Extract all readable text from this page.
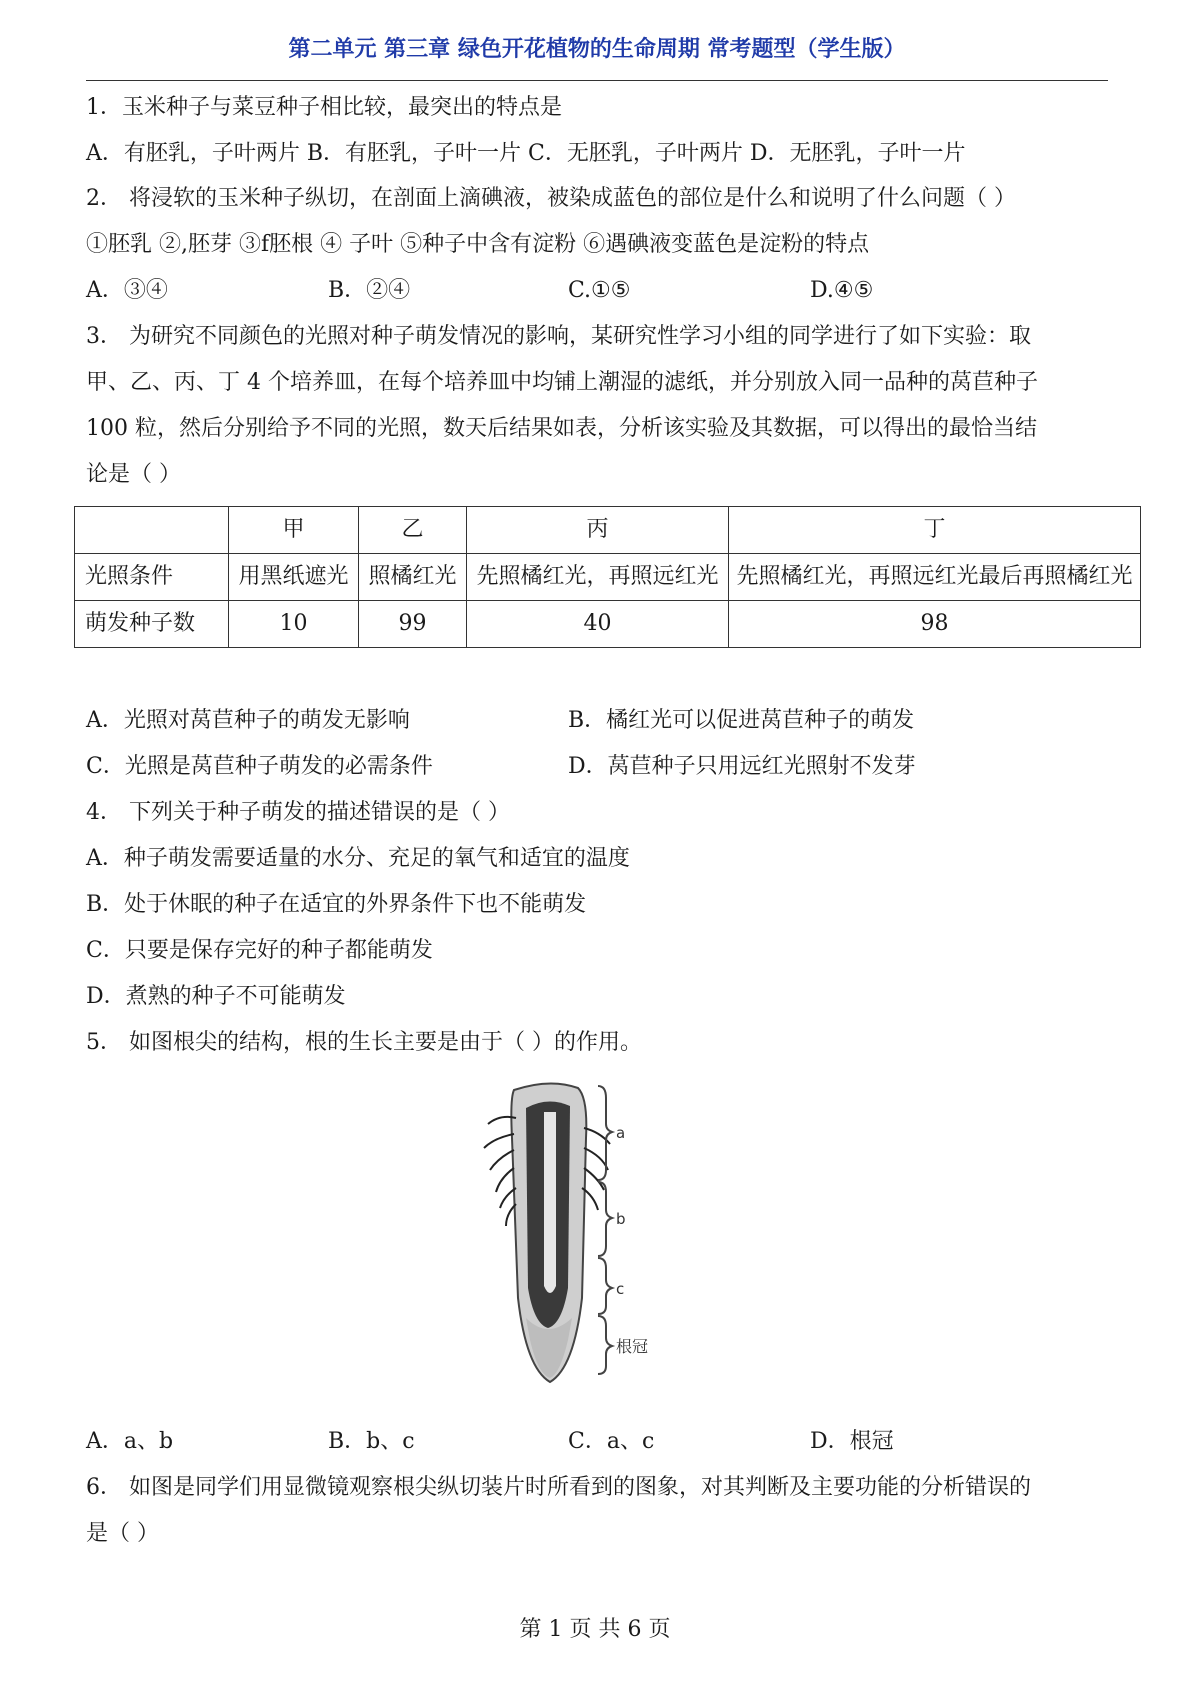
第二单元 第三章 绿色开花植物的生命周期 常考题型（学生版）
1．玉米种子与菜豆种子相比较，最突出的特点是
A．有胚乳，子叶两片 B．有胚乳，子叶一片 C．无胚乳，子叶两片 D．无胚乳，子叶一片
2． 将浸软的玉米种子纵切，在剖面上滴碘液，被染成蓝色的部位是什么和说明了什么问题（ ）
①胚乳 ②,胚芽 ③f胚根 ④ 子叶 ⑤种子中含有淀粉 ⑥遇碘液变蓝色是淀粉的特点
A．③④	B．②④	C.①⑤	D.④⑤
3． 为研究不同颜色的光照对种子萌发情况的影响，某研究性学习小组的同学进行了如下实验：取
甲、乙、丙、丁 4 个培养皿，在每个培养皿中均铺上潮湿的滤纸，并分别放入同一品种的莴苣种子
100 粒，然后分别给予不同的光照，数天后结果如表，分析该实验及其数据，可以得出的最恰当结
论是（ ）
	甲	乙	丙	丁
光照条件	用黑纸遮光	照橘红光	先照橘红光，再照远红光	先照橘红光，再照远红光最后再照橘红光
萌发种子数	10	99	40	98
A．光照对莴苣种子的萌发无影响	B．橘红光可以促进莴苣种子的萌发
C．光照是莴苣种子萌发的必需条件	D．莴苣种子只用远红光照射不发芽
4． 下列关于种子萌发的描述错误的是（ ）
A．种子萌发需要适量的水分、充足的氧气和适宜的温度
B．处于休眠的种子在适宜的外界条件下也不能萌发
C．只要是保存完好的种子都能萌发
D．煮熟的种子不可能萌发
5． 如图根尖的结构，根的生长主要是由于（ ）的作用。
a
b
c
根冠
A．a、b	B．b、c	C．a、c	D．根冠
6． 如图是同学们用显微镜观察根尖纵切装片时所看到的图象，对其判断及主要功能的分析错误的
是（ ）
第 1 页 共 6 页
